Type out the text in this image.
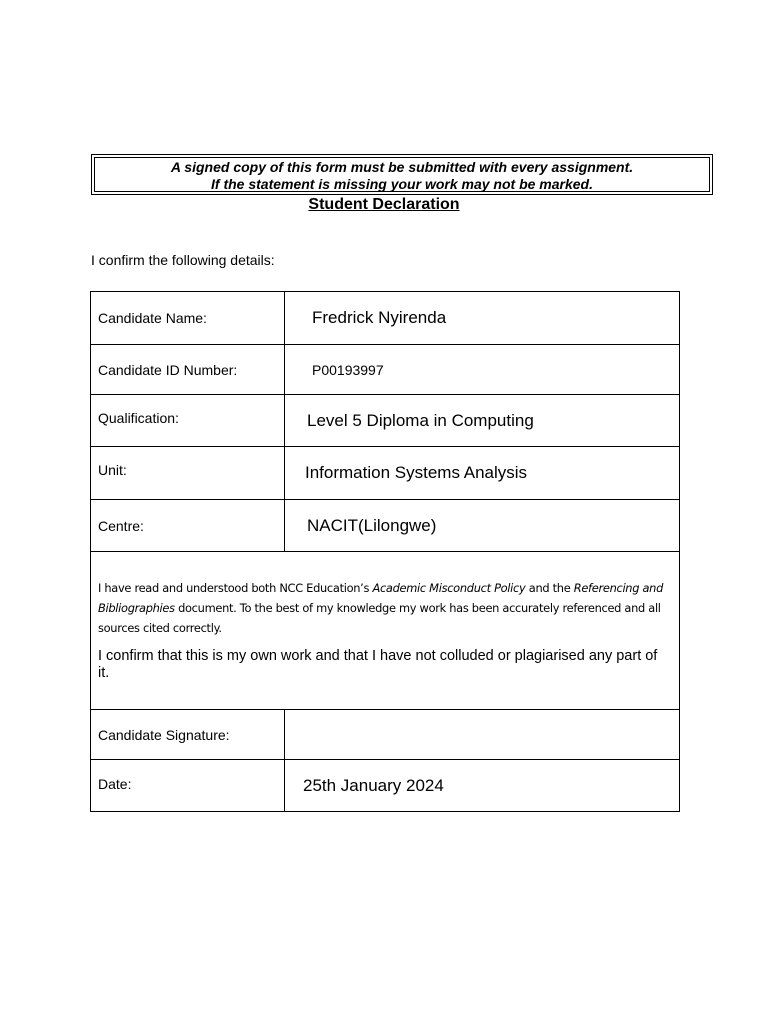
A signed copy of this form must be submitted with every assignment.
If the statement is missing your work may not be marked.
Student Declaration
I confirm the following details:
Candidate Name:	Fredrick Nyirenda
Candidate ID Number:	P00193997
Qualification:	Level 5 Diploma in Computing
Unit:	Information Systems Analysis
Centre:	NACIT(Lilongwe)

I have read and understood both NCC Education’s Academic Misconduct Policy and the Referencing and Bibliographies document. To the best of my knowledge my work has been accurately referenced and all sources cited correctly.
I confirm that this is my own work and that I have not colluded or plagiarised any part of it.	

Candidate Signature:	
Date:	25th January 2024
